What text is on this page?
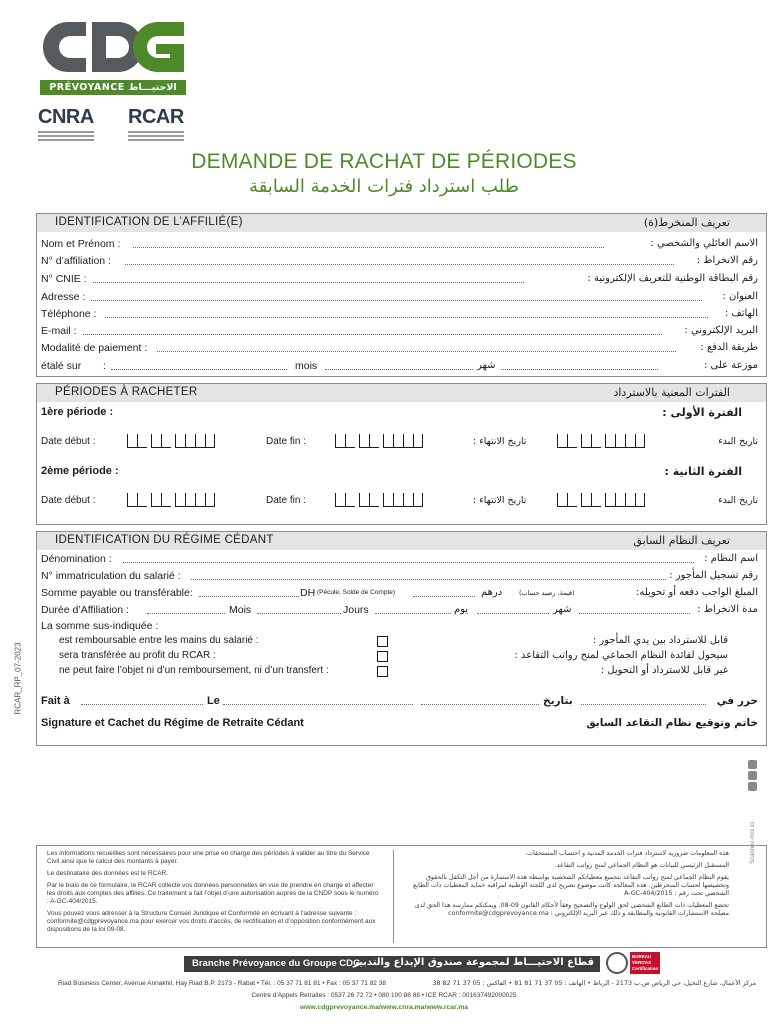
PRÉVOYANCE الاحتيـــاط
CNRA RCAR
DEMANDE DE RACHAT DE PÉRIODES
طلب استرداد فترات الخدمة السابقة
IDENTIFICATION DE L’AFFILIÉ(E)	تعريف المنخرط(ة)
Nom et Prénom :	الاسم العائلي والشخصي :
N° d’affiliation :	رقم الانخراط :
N° CNIE :	رقم البطاقة الوطنية للتعريف الإلكترونية :
Adresse :	العنوان :
Téléphone :	الهاتف :
E-mail :	البريد الإلكتروني :
Modalité de paiement :	طريقة الدفع :
étalé sur :	mois	شهر	موزعة على :
PÉRIODES À RACHETER	الفترات المعنية بالاسترداد
1ère période :	الفترة الأولى :
Date début :	Date fin :	تاريخ الانتهاء :	تاريخ البدء
2ème période :	الفترة الثانية :
Date début :	Date fin :	تاريخ الانتهاء :	تاريخ البدء
IDENTIFICATION DU RÉGIME CÉDANT	تعريف النظام السابق
Dénomination :	اسم النظام :
N° immatriculation du salarié :	رقم تسجيل المأجور :
Somme payable ou transférable:	DH (Pécule, Solde de Compte)	درهم	(قيمة، رصيد حساب)	المبلغ الواجب دفعه أو تحويله:
Durée d’Affiliation :	Mois	Jours	يوم	شهر	مدة الانخراط :
La somme sus-indiquée :
est remboursable entre les mains du salarié :	قابل للاسترداد بين يدي المأجور :
sera transférée au profit du RCAR :	سيحول لفائدة النظام الجماعي لمنح رواتب التقاعد :
ne peut faire l’objet ni d’un remboursement, ni d’un transfert :	غير قابل للاسترداد أو التحويل :
Fait à	Le	بتاريخ	حرر في
Signature et Cachet du Régime de Retraite Cédant	خاتم وتوقيع نظام التقاعد السابق
RCAR_RP_07-2023
Scannez-moi ici

Les informations recueillies sont nécessaires pour une prise en charge des périodes à valider au titre du Service Civil ainsi que le calcul des montants à payer.

Le destinataire des données est le RCAR.

Par le biais de ce formulaire, le RCAR collecte vos données personnelles en vue de prendre en charge et affecter les droits aux comptes des affiliés. Ce traitement a fait l’objet d’une autorisation auprès de la CNDP sous le numéro : A-GC-404/2015.

Vous pouvez vous adresser à la Structure Conseil Juridique et Conformité en écrivant à l’adresse suivante : conformite@cdgprevoyance.ma pour exercer vos droits d’accès, de rectification et d’opposition conformément aux dispositions de la loi 09-08.

هذه المعلومات ضرورية لاسترداد فترات الخدمة المدنية و احتساب المستحقات.

المستقبل الرئيسي للبيانات هو النظام الجماعي لمنح رواتب التقاعد.

يقوم النظام الجماعي لمنح رواتب التقاعد بتجميع معطياتكم الشخصية بواسطة هذه الاستمارة من أجل التكفل بالحقوق وتخصيصها لحساب المنخرطين. هذه المعالجة كانت موضوع تصريح لدى اللجنة الوطنية لمراقبة حماية المعطيات ذات الطابع الشخصي تحت رقم : A-GC-404/2015

تخضع المعطيات ذات الطابع الشخصي لحق الولوج والتصحيح وفقاً لأحكام القانون 09-08. ويمكنكم ممارسة هذا الحق لدى مصلحة الاستشارات القانونية والمطابقة و ذلك عبر البريد الإلكتروني : conformite@cdgprevoyance.ma

Branche Prévoyance du Groupe CDG
قطاع الاحتيـــاط لمجموعة صندوق الإيداع والتدبير
BUREAU VERITAS Certification
Riad Business Center, Avenue Annakhil, Hay Riad B.P. 2173 - Rabat • Tél. : 05 37 71 81 81 • Fax : 05 37 71 82 38	مركز الأعمال، شارع النخيل، حي الرياض ص.ب 2173 - الرباط • الهاتف : 05 37 71 81 81 • الفاكس : 05 37 71 82 38
Centre d’Appels Retraites : 0537 26 72 72 • 080 100 88 88 • ICE RCAR : 001637492000025
www.cdgprevoyance.ma/www.cnra.ma/www.rcar.ma
